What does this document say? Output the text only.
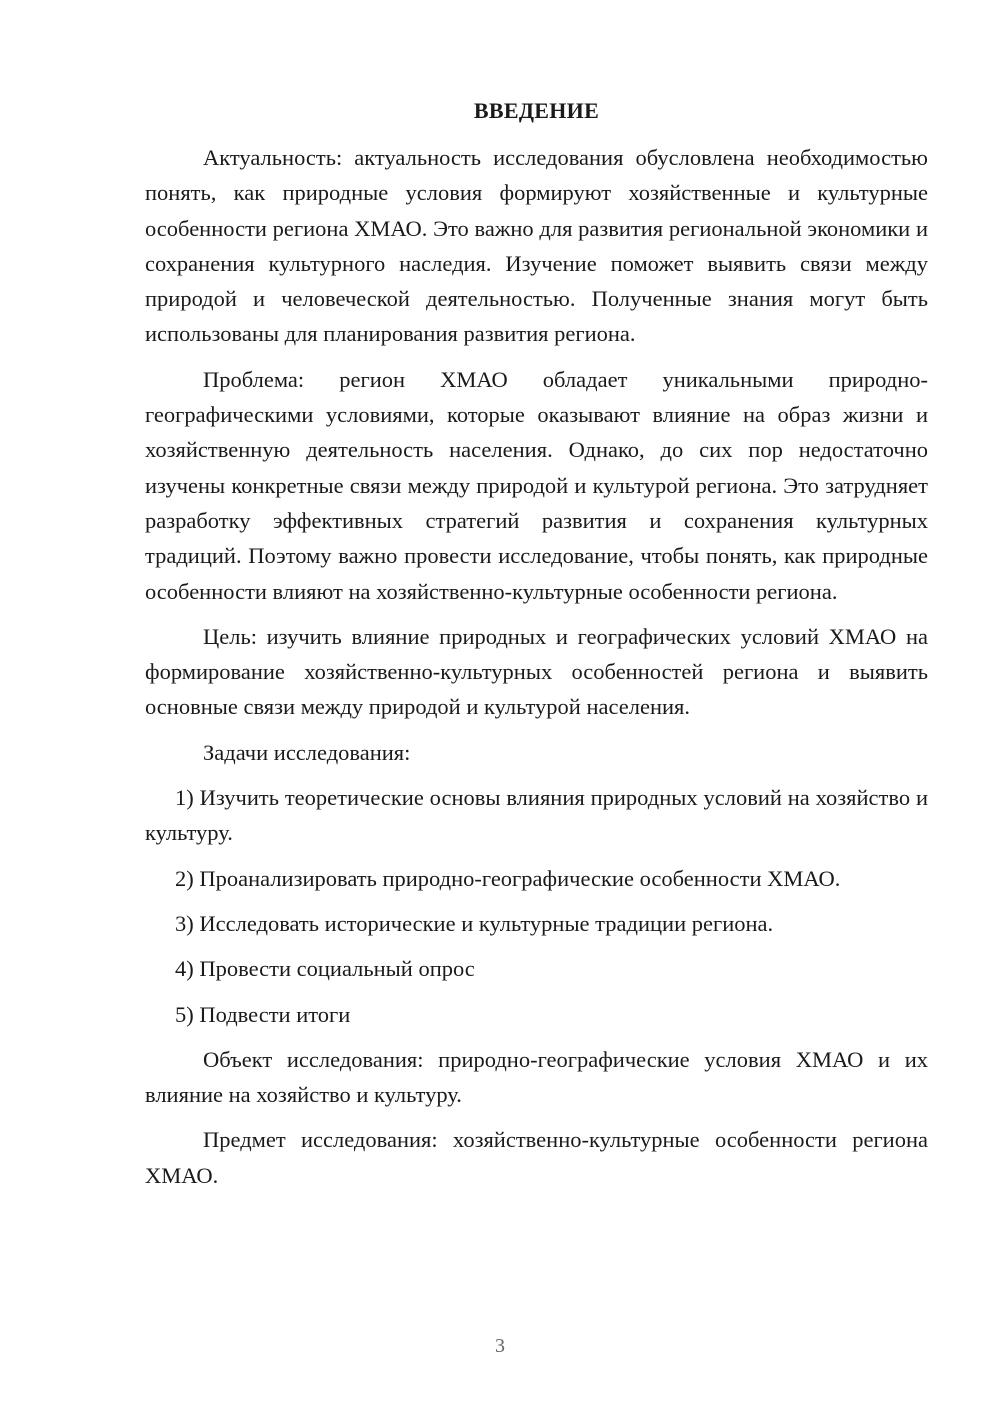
ВВЕДЕНИЕ

Актуальность: актуальность исследования обусловлена необходимостью понять, как природные условия формируют хозяйственные и культурные особенности региона ХМАО. Это важно для развития региональной экономики и сохранения культурного наследия. Изучение поможет выявить связи между природой и человеческой деятельностью. Полученные знания могут быть использованы для планирования развития региона.

Проблема: регион ХМАО обладает уникальными природно-географическими условиями, которые оказывают влияние на образ жизни и хозяйственную деятельность населения. Однако, до сих пор недостаточно изучены конкретные связи между природой и культурой региона. Это затрудняет разработку эффективных стратегий развития и сохранения культурных традиций. Поэтому важно провести исследование, чтобы понять, как природные особенности влияют на хозяйственно-культурные особенности региона.

Цель: изучить влияние природных и географических условий ХМАО на формирование хозяйственно-культурных особенностей региона и выявить основные связи между природой и культурой населения.

Задачи исследования:

1) Изучить теоретические основы влияния природных условий на хозяйство и культуру.

2) Проанализировать природно-географические особенности ХМАО.

3) Исследовать исторические и культурные традиции региона.

4) Провести социальный опрос

5) Подвести итоги

Объект исследования: природно-географические условия ХМАО и их влияние на хозяйство и культуру.

Предмет исследования: хозяйственно-культурные особенности региона ХМАО.

3
